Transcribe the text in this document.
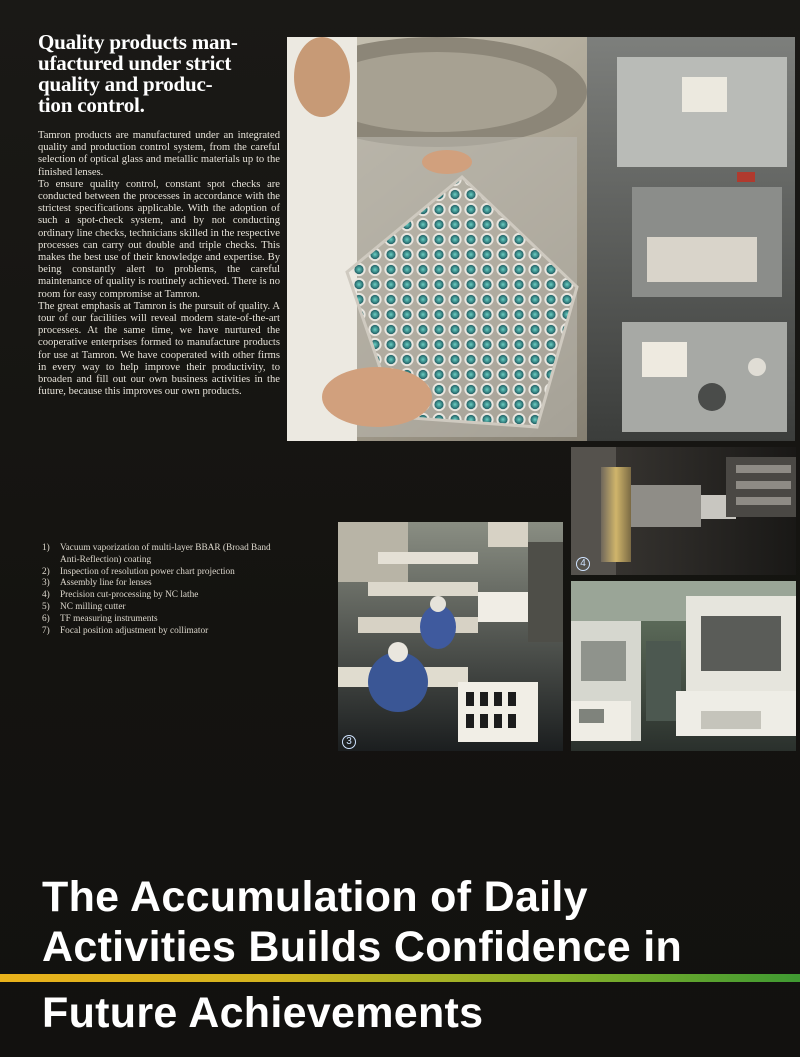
Quality products man-
ufactured under strict
quality and produc-
tion control.

Tamron products are manufactured under an integrated quality and production control system, from the careful selection of optical glass and metallic materials up to the finished lenses.

To ensure quality control, constant spot checks are conducted between the processes in accordance with the strictest specifications applicable. With the adoption of such a spot-check system, and by not conducting ordinary line checks, technicians skilled in the respective processes can carry out double and triple checks. This makes the best use of their knowledge and expertise. By being constantly alert to problems, the careful maintenance of quality is routinely achieved. There is no room for easy compromise at Tamron.

The great emphasis at Tamron is the pursuit of quality. A tour of our facilities will reveal modern state-of-the-art processes. At the same time, we have nurtured the cooperative enterprises formed to manufacture products for use at Tamron. We have cooperated with other firms in every way to help improve their productivity, to broaden and fill out our own business activities in the future, because this improves our own products.

1)	Vacuum vaporization of multi-layer BBAR (Broad Band Anti-Reflection) coating
2)	Inspection of resolution power chart projection
3)	Assembly line for lenses
4)	Precision cut-processing by NC lathe
5)	NC milling cutter
6)	TF measuring instruments
7)	Focal position adjustment by collimator
4
3
The Accumulation of Daily
Activities Builds Confidence in
Future Achievements
